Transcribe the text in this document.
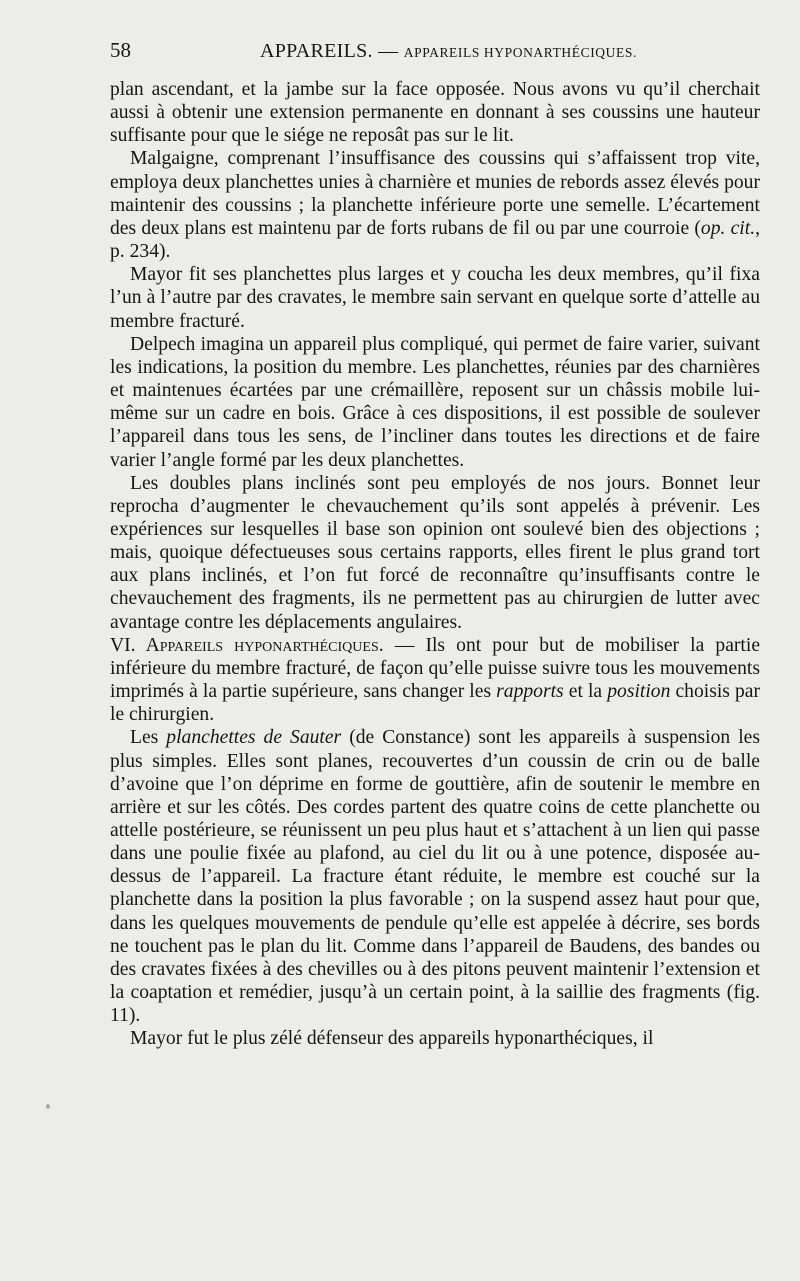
58	APPAREILS. — APPAREILS HYPONARTHÉCIQUES.

plan ascendant, et la jambe sur la face opposée. Nous avons vu qu’il cherchait aussi à obtenir une extension permanente en donnant à ses coussins une hauteur suffisante pour que le siége ne reposât pas sur le lit.

Malgaigne, comprenant l’insuffisance des coussins qui s’affaissent trop vite, employa deux planchettes unies à charnière et munies de rebords assez élevés pour maintenir des coussins ; la planchette inférieure porte une semelle. L’écartement des deux plans est maintenu par de forts rubans de fil ou par une courroie (op. cit., p. 234).

Mayor fit ses planchettes plus larges et y coucha les deux membres, qu’il fixa l’un à l’autre par des cravates, le membre sain servant en quelque sorte d’attelle au membre fracturé.

Delpech imagina un appareil plus compliqué, qui permet de faire varier, suivant les indications, la position du membre. Les planchettes, réunies par des charnières et maintenues écartées par une crémaillère, reposent sur un châssis mobile lui-même sur un cadre en bois. Grâce à ces dispositions, il est possible de soulever l’appareil dans tous les sens, de l’incliner dans toutes les directions et de faire varier l’angle formé par les deux planchettes.

Les doubles plans inclinés sont peu employés de nos jours. Bonnet leur reprocha d’augmenter le chevauchement qu’ils sont appelés à prévenir. Les expériences sur lesquelles il base son opinion ont soulevé bien des objections ; mais, quoique défectueuses sous certains rapports, elles firent le plus grand tort aux plans inclinés, et l’on fut forcé de reconnaître qu’insuffisants contre le chevauchement des fragments, ils ne permettent pas au chirurgien de lutter avec avantage contre les déplacements angulaires.

VI. Appareils hyponarthéciques. — Ils ont pour but de mobiliser la partie inférieure du membre fracturé, de façon qu’elle puisse suivre tous les mouvements imprimés à la partie supérieure, sans changer les rapports et la position choisis par le chirurgien.

Les planchettes de Sauter (de Constance) sont les appareils à suspension les plus simples. Elles sont planes, recouvertes d’un coussin de crin ou de balle d’avoine que l’on déprime en forme de gouttière, afin de soutenir le membre en arrière et sur les côtés. Des cordes partent des quatre coins de cette planchette ou attelle postérieure, se réunissent un peu plus haut et s’attachent à un lien qui passe dans une poulie fixée au plafond, au ciel du lit ou à une potence, disposée au-dessus de l’appareil. La fracture étant réduite, le membre est couché sur la planchette dans la position la plus favorable ; on la suspend assez haut pour que, dans les quelques mouvements de pendule qu’elle est appelée à décrire, ses bords ne touchent pas le plan du lit. Comme dans l’appareil de Baudens, des bandes ou des cravates fixées à des chevilles ou à des pitons peuvent maintenir l’extension et la coaptation et remédier, jusqu’à un certain point, à la saillie des fragments (fig. 11).

Mayor fut le plus zélé défenseur des appareils hyponarthéciques, il
